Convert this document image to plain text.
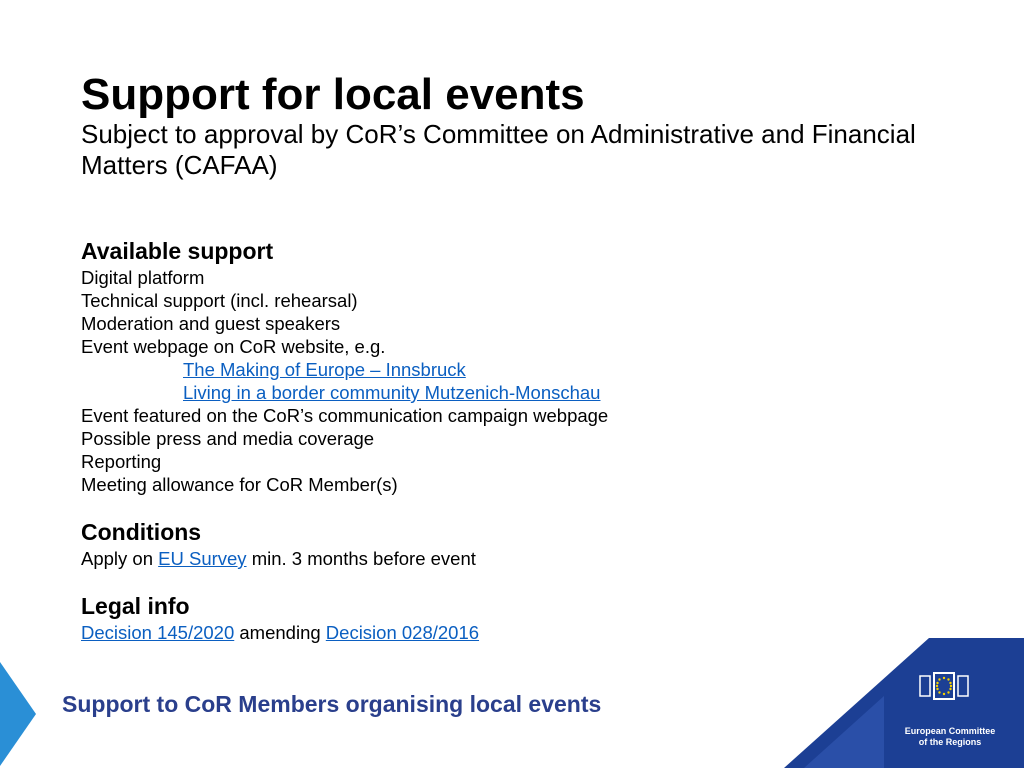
Support for local events

Subject to approval by CoR’s Committee on Administrative and Financial Matters (CAFAA)

Available support
Digital platform
Technical support (incl. rehearsal)
Moderation and guest speakers
Event webpage on CoR website, e.g.
The Making of Europe – Innsbruck
Living in a border community Mutzenich-Monschau
Event featured on the CoR’s communication campaign webpage
Possible press and media coverage
Reporting
Meeting allowance for CoR Member(s)
Conditions

Apply on EU Survey min. 3 months before event

Legal info

Decision 145/2020 amending Decision 028/2016

Support to CoR Members organising local events

European Committee
of the Regions
